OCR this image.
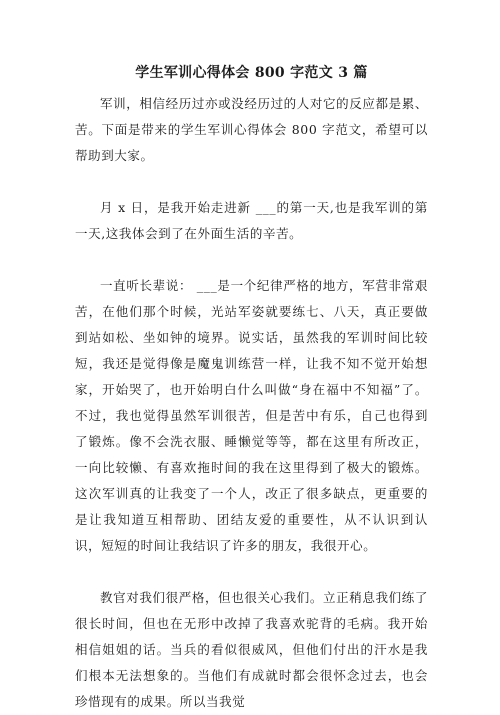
学生军训心得体会 800 字范文 3 篇

军训，相信经历过亦或没经历过的人对它的反应都是累、苦。下面是带来的学生军训心得体会 800 字范文，希望可以帮助到大家。

月 x 日，是我开始走进新 ___的第一天,也是我军训的第一天,这我体会到了在外面生活的辛苦。

一直听长辈说： ___是一个纪律严格的地方，军营非常艰苦，在他们那个时候，光站军姿就要练七、八天，真正要做到站如松、坐如钟的境界。说实话，虽然我的军训时间比较短，我还是觉得像是魔鬼训练营一样，让我不知不觉开始想家，开始哭了，也开始明白什么叫做“身在福中不知福”了。不过，我也觉得虽然军训很苦，但是苦中有乐，自己也得到了锻炼。像不会洗衣服、睡懒觉等等，都在这里有所改正，一向比较懒、有喜欢拖时间的我在这里得到了极大的锻炼。这次军训真的让我变了一个人，改正了很多缺点，更重要的是让我知道互相帮助、团结友爱的重要性，从不认识到认识，短短的时间让我结识了许多的朋友，我很开心。

教官对我们很严格，但也很关心我们。立正稍息我们练了很长时间，但也在无形中改掉了我喜欢驼背的毛病。我开始相信姐姐的话。当兵的看似很威风，但他们付出的汗水是我们根本无法想象的。当他们有成就时都会很怀念过去，也会珍惜现有的成果。所以当我觉
